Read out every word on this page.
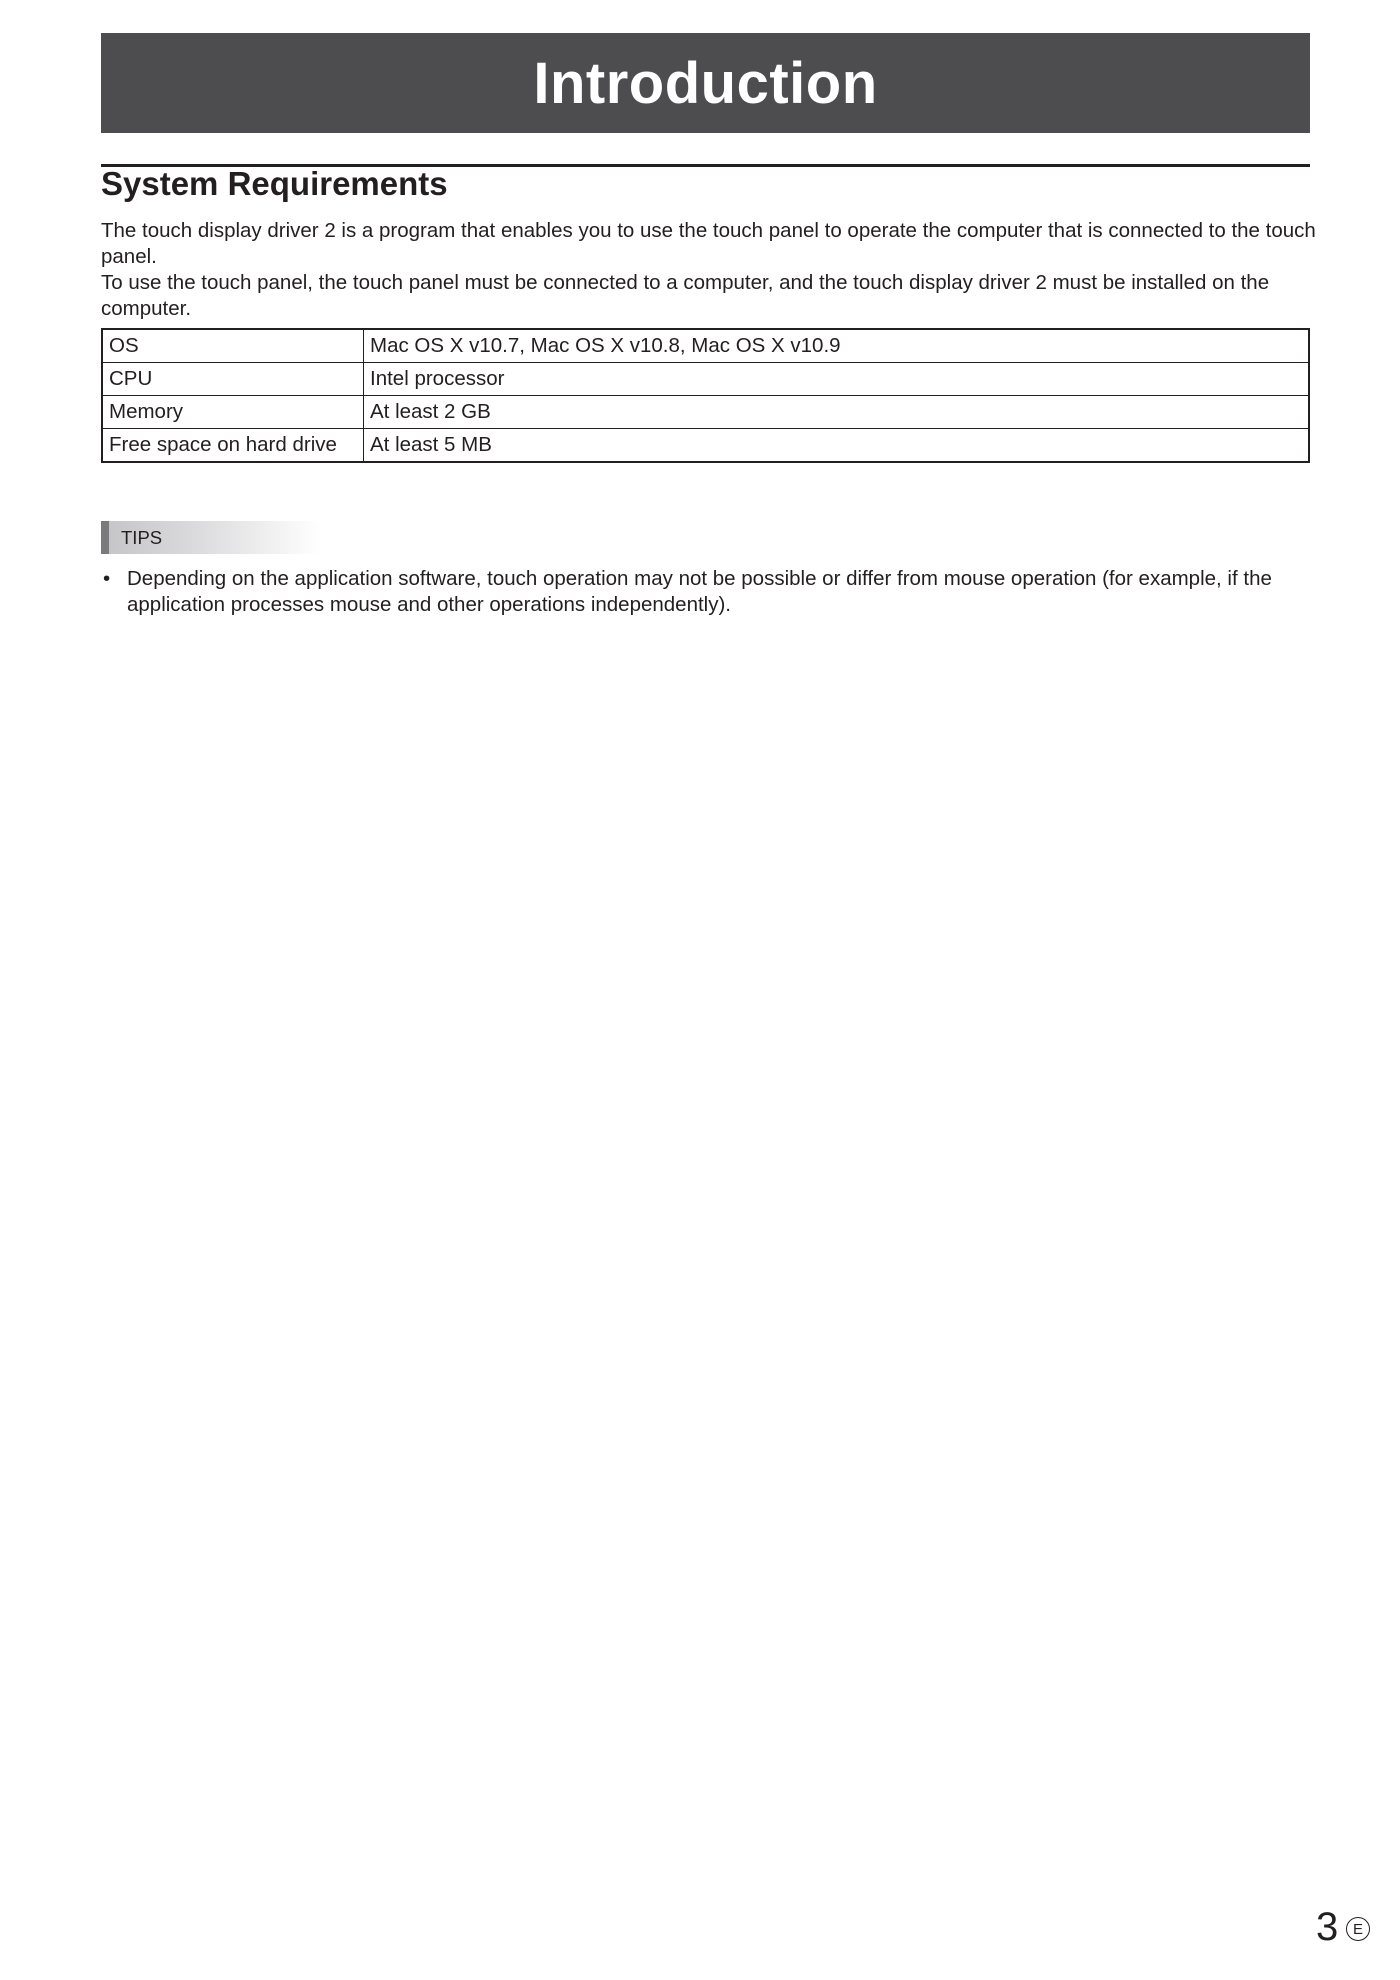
Introduction
System Requirements

The touch display driver 2 is a program that enables you to use the touch panel to operate the computer that is connected to the touch panel.

To use the touch panel, the touch panel must be connected to a computer, and the touch display driver 2 must be installed on the computer.

OS	Mac OS X v10.7, Mac OS X v10.8, Mac OS X v10.9
CPU	Intel processor
Memory	At least 2 GB
Free space on hard drive	At least 5 MB
TIPS
• Depending on the application software, touch operation may not be possible or differ from mouse operation (for example, if the application processes mouse and other operations independently).
3 E
